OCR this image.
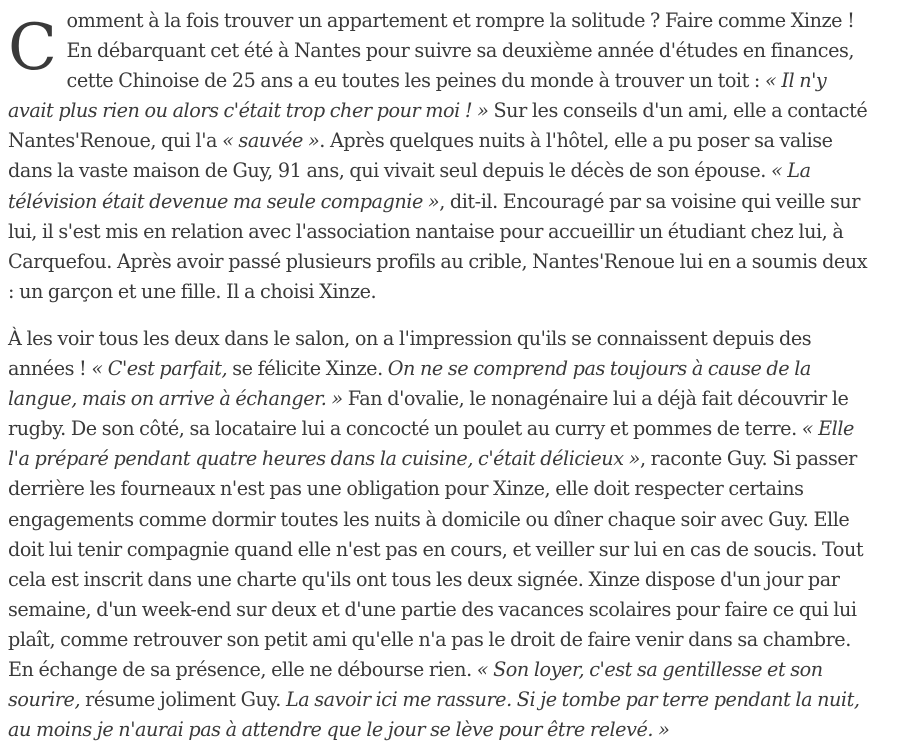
Comment à la fois trouver un appartement et rompre la solitude ? Faire comme Xinze ! En débarquant cet été à Nantes pour suivre sa deuxième année d'études en finances, cette Chinoise de 25 ans a eu toutes les peines du monde à trouver un toit : « Il n'y avait plus rien ou alors c'était trop cher pour moi ! » Sur les conseils d'un ami, elle a contacté Nantes'Renoue, qui l'a « sauvée ». Après quelques nuits à l'hôtel, elle a pu poser sa valise dans la vaste maison de Guy, 91 ans, qui vivait seul depuis le décès de son épouse. « La télévision était devenue ma seule compagnie », dit-il. Encouragé par sa voisine qui veille sur lui, il s'est mis en relation avec l'association nantaise pour accueillir un étudiant chez lui, à Carquefou. Après avoir passé plusieurs profils au crible, Nantes'Renoue lui en a soumis deux : un garçon et une fille. Il a choisi Xinze.

À les voir tous les deux dans le salon, on a l'impression qu'ils se connaissent depuis des années ! « C'est parfait, se félicite Xinze. On ne se comprend pas toujours à cause de la langue, mais on arrive à échanger. » Fan d'ovalie, le nonagénaire lui a déjà fait découvrir le rugby. De son côté, sa locataire lui a concocté un poulet au curry et pommes de terre. « Elle l'a préparé pendant quatre heures dans la cuisine, c'était délicieux », raconte Guy. Si passer derrière les fourneaux n'est pas une obligation pour Xinze, elle doit respecter certains engagements comme dormir toutes les nuits à domicile ou dîner chaque soir avec Guy. Elle doit lui tenir compagnie quand elle n'est pas en cours, et veiller sur lui en cas de soucis. Tout cela est inscrit dans une charte qu'ils ont tous les deux signée. Xinze dispose d'un jour par semaine, d'un week-end sur deux et d'une partie des vacances scolaires pour faire ce qui lui plaît, comme retrouver son petit ami qu'elle n'a pas le droit de faire venir dans sa chambre. En échange de sa présence, elle ne débourse rien. « Son loyer, c'est sa gentillesse et son sourire, résume joliment Guy. La savoir ici me rassure. Si je tombe par terre pendant la nuit, au moins je n'aurai pas à attendre que le jour se lève pour être relevé. »
